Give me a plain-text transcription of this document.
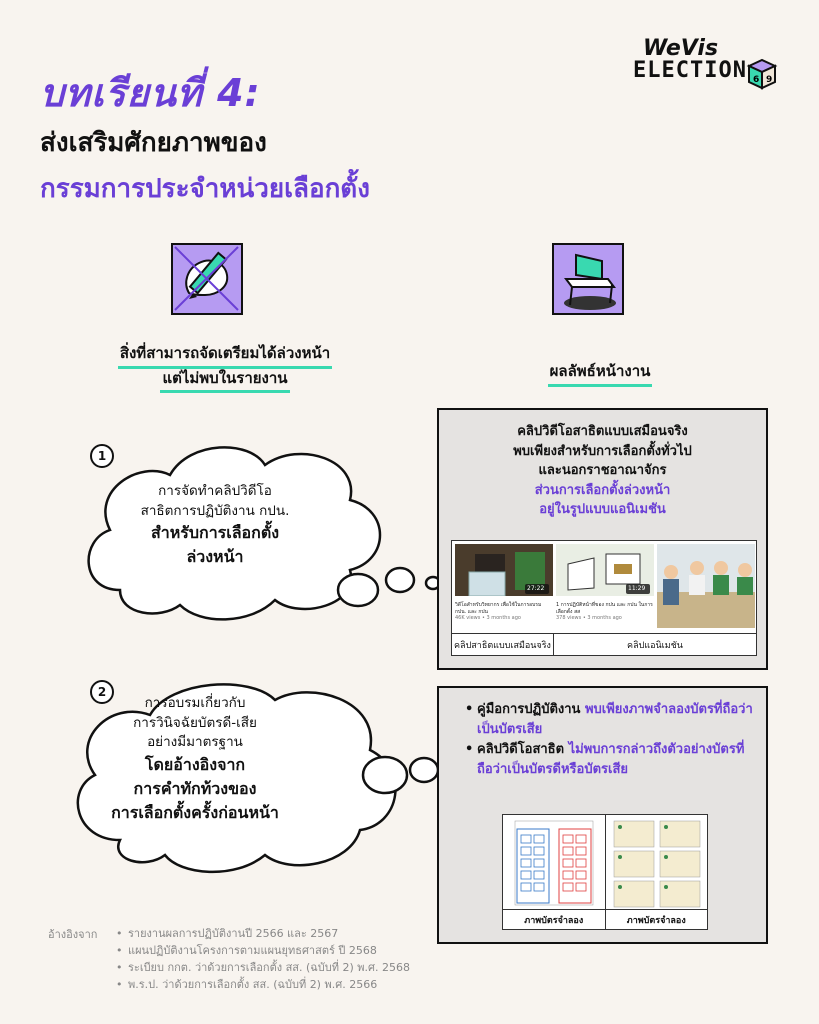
บทเรียนที่ 4:
ส่งเสริมศักยภาพของ
กรรมการประจำหน่วยเลือกตั้ง
WeVis
ELECTION 6 9
สิ่งที่สามารถจัดเตรียมได้ล่วงหน้า
แต่ไม่พบในรายงาน	ผลลัพธ์หน้างาน
1
การจัดทำคลิปวิดีโอ
สาธิตการปฏิบัติงาน กปน.
สำหรับการเลือกตั้ง
ล่วงหน้า
คลิปวิดีโอสาธิตแบบเสมือนจริง
พบเพียงสำหรับการเลือกตั้งทั่วไป
และนอกราชอาณาจักร
ส่วนการเลือกตั้งล่วงหน้า
อยู่ในรูปแบบแอนิเมชัน
27:22
วิดีโอสำหรับวิทยากร เพื่อใช้ในการอบรม กปน. และ กปน
46K views • 3 months ago
11:29
1 การปฏิบัติหน้าที่ของ กปน และ กปน ในการเลือกตั้ง สส
378 views • 3 months ago
คลิปสาธิตแบบเสมือนจริง	คลิปแอนิเมชัน
2
การอบรมเกี่ยวกับ
การวินิจฉัยบัตรดี-เสีย
อย่างมีมาตรฐาน
โดยอ้างอิงจาก
การคำทักท้วงของ
การเลือกตั้งครั้งก่อนหน้า
• คู่มือการปฏิบัติงาน พบเพียงภาพจำลองบัตรที่ถือว่าเป็นบัตรเสีย
• คลิปวิดีโอสาธิต ไม่พบการกล่าวถึงตัวอย่างบัตรที่ถือว่าเป็นบัตรดีหรือบัตรเสีย
ภาพบัตรจำลอง	ภาพบัตรจำลอง
อ้างอิงจาก
•	รายงานผลการปฏิบัติงานปี 2566 และ 2567
• แผนปฏิบัติงานโครงการตามแผนยุทธศาสตร์ ปี 2568
• ระเบียบ กกต. ว่าด้วยการเลือกตั้ง สส. (ฉบับที่ 2) พ.ศ. 2568
• พ.ร.ป. ว่าด้วยการเลือกตั้ง สส. (ฉบับที่ 2) พ.ศ. 2566
